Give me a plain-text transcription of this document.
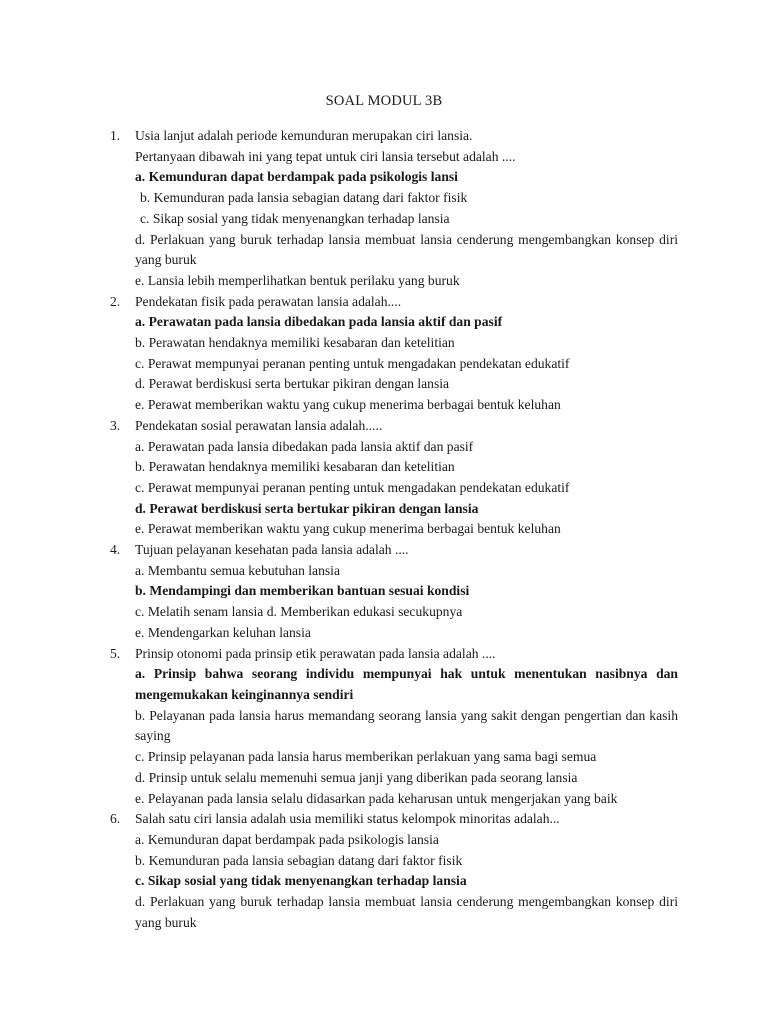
SOAL MODUL 3B
1. Usia lanjut adalah periode kemunduran merupakan ciri lansia.
Pertanyaan dibawah ini yang tepat untuk ciri lansia tersebut adalah ....
a. Kemunduran dapat berdampak pada psikologis lansi
b. Kemunduran pada lansia sebagian datang dari faktor fisik
c. Sikap sosial yang tidak menyenangkan terhadap lansia
d. Perlakuan yang buruk terhadap lansia membuat lansia cenderung mengembangkan konsep diri yang buruk
e. Lansia lebih memperlihatkan bentuk perilaku yang buruk
2. Pendekatan fisik pada perawatan lansia adalah....
a. Perawatan pada lansia dibedakan pada lansia aktif dan pasif
b. Perawatan hendaknya memiliki kesabaran dan ketelitian
c. Perawat mempunyai peranan penting untuk mengadakan pendekatan edukatif
d. Perawat berdiskusi serta bertukar pikiran dengan lansia
e. Perawat memberikan waktu yang cukup menerima berbagai bentuk keluhan
3. Pendekatan sosial perawatan lansia adalah.....
a. Perawatan pada lansia dibedakan pada lansia aktif dan pasif
b. Perawatan hendaknya memiliki kesabaran dan ketelitian
c. Perawat mempunyai peranan penting untuk mengadakan pendekatan edukatif
d. Perawat berdiskusi serta bertukar pikiran dengan lansia
e. Perawat memberikan waktu yang cukup menerima berbagai bentuk keluhan
4. Tujuan pelayanan kesehatan pada lansia adalah ....
a. Membantu semua kebutuhan lansia
b. Mendampingi dan memberikan bantuan sesuai kondisi
c. Melatih senam lansia d. Memberikan edukasi secukupnya
e. Mendengarkan keluhan lansia
5. Prinsip otonomi pada prinsip etik perawatan pada lansia adalah ....
a. Prinsip bahwa seorang individu mempunyai hak untuk menentukan nasibnya dan mengemukakan keinginannya sendiri
b. Pelayanan pada lansia harus memandang seorang lansia yang sakit dengan pengertian dan kasih saying
c. Prinsip pelayanan pada lansia harus memberikan perlakuan yang sama bagi semua
d. Prinsip untuk selalu memenuhi semua janji yang diberikan pada seorang lansia
e. Pelayanan pada lansia selalu didasarkan pada keharusan untuk mengerjakan yang baik
6. Salah satu ciri lansia adalah usia memiliki status kelompok minoritas adalah...
a. Kemunduran dapat berdampak pada psikologis lansia
b. Kemunduran pada lansia sebagian datang dari faktor fisik
c. Sikap sosial yang tidak menyenangkan terhadap lansia
d. Perlakuan yang buruk terhadap lansia membuat lansia cenderung mengembangkan konsep diri yang buruk
